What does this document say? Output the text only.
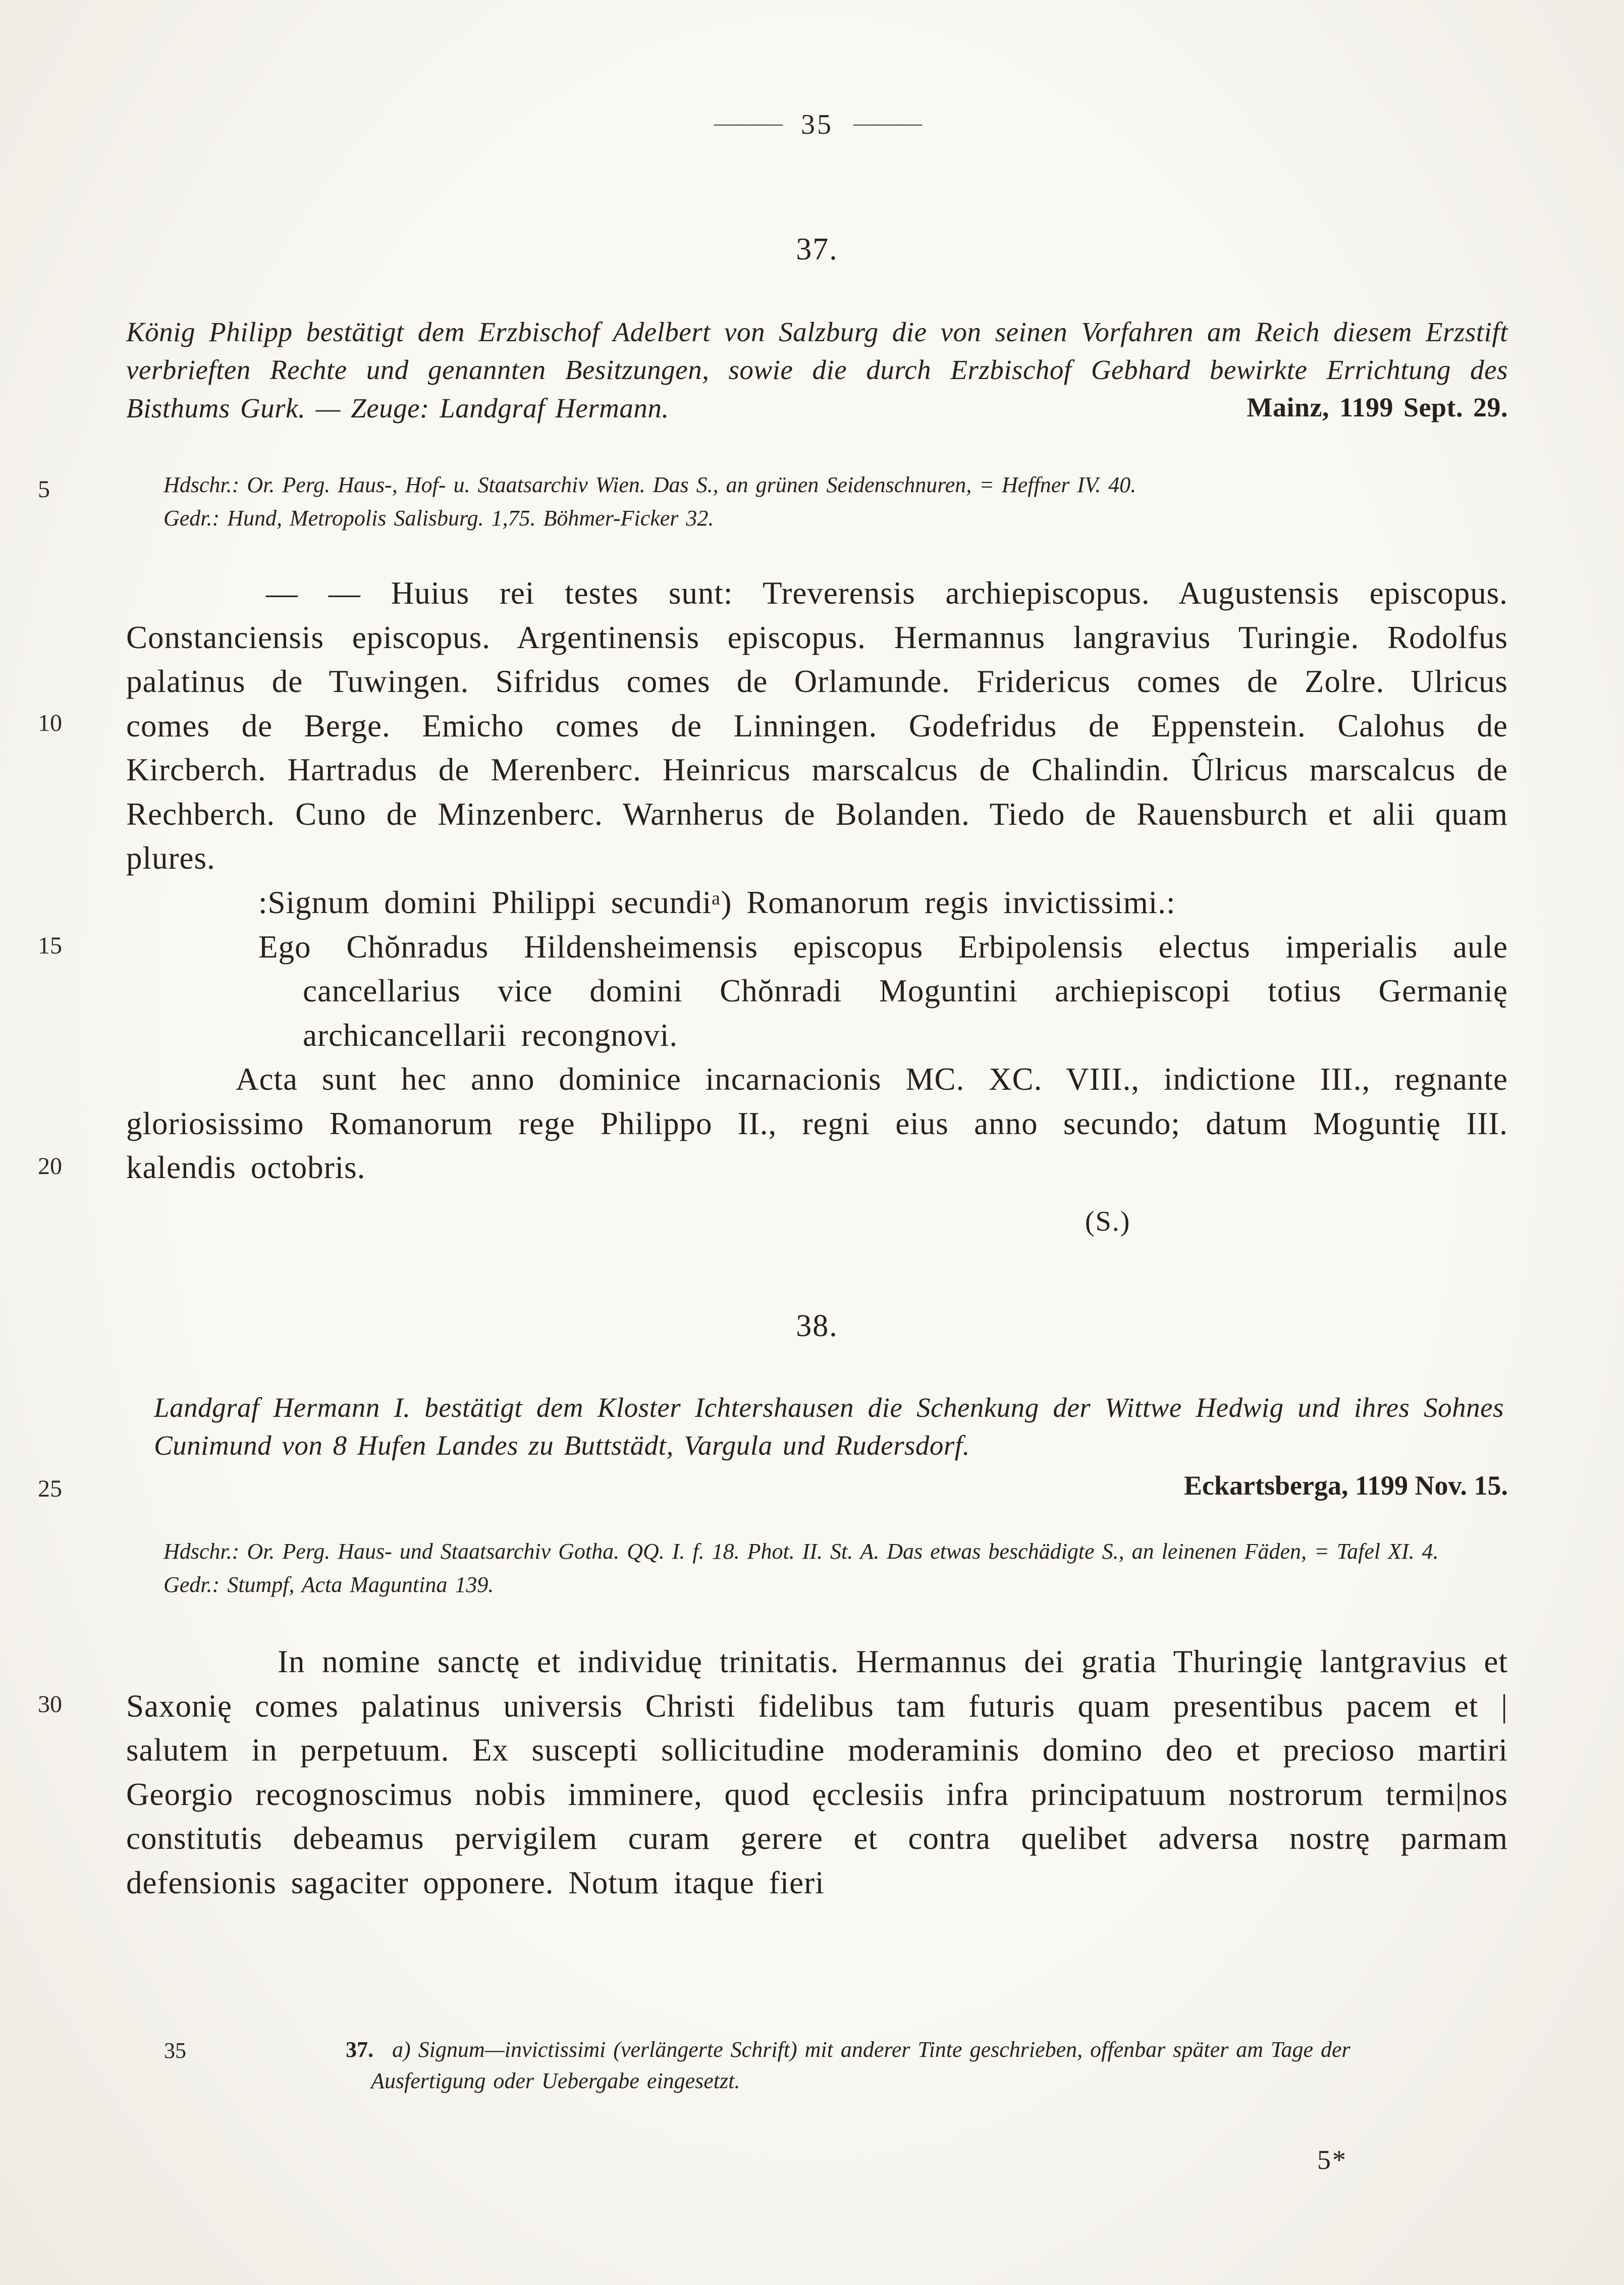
——— 35 ———
37.

König Philipp bestätigt dem Erzbischof Adelbert von Salzburg die von seinen Vorfahren am Reich diesem Erzstift verbrieften Rechte und genannten Besitzungen, sowie die durch Erzbischof Gebhard bewirkte Errichtung des Bisthums Gurk. — Zeuge: Landgraf Hermann.	Mainz, 1199 Sept. 29.

5	Hdschr.: Or. Perg. Haus-, Hof- u. Staatsarchiv Wien. Das S., an grünen Seidenschnuren, = Heffner IV. 40.

Gedr.: Hund, Metropolis Salisburg. 1,75. Böhmer-Ficker 32.

10
— — Huius rei testes sunt: Treverensis archiepiscopus. Augustensis episcopus. Constanciensis episcopus. Argentinensis episcopus. Hermannus langravius Turingie. Rodolfus palatinus de Tuwingen. Sifridus comes de Orlamunde. Fridericus comes de Zolre. Ulricus comes de Berge. Emicho comes de Linningen. Godefridus de Eppenstein. Calohus de Kircberch. Hartradus de Merenberc. Heinricus marscalcus de Chalindin. Ûlricus marscalcus de Rechberch. Cuno de Minzenberc. Warnherus de Bolanden. Tiedo de Rauensburch et alii quam plures.

:Signum domini Philippi secundiᵃ) Romanorum regis invictissimi.:

15	Ego Chŏnradus Hildensheimensis episcopus Erbipolensis electus imperialis aule cancellarius vice domini Chŏnradi Moguntini archiepiscopi totius Germanię archicancellarii recongnovi.

20
Acta sunt hec anno dominice incarnacionis MC. XC. VIII., indictione III., regnante gloriosissimo Romanorum rege Philippo II., regni eius anno secundo; datum Moguntię III. kalendis octobris.

(S.)
38.

Landgraf Hermann I. bestätigt dem Kloster Ichtershausen die Schenkung der Wittwe Hedwig und ihres Sohnes Cunimund von 8 Hufen Landes zu Buttstädt, Vargula und Rudersdorf.

25	Eckartsberga, 1199 Nov. 15.

Hdschr.: Or. Perg. Haus- und Staatsarchiv Gotha. QQ. I. f. 18. Phot. II. St. A. Das etwas beschädigte S., an leinenen Fäden, = Tafel XI. 4.

Gedr.: Stumpf, Acta Maguntina 139.

30
In nomine sanctę et individuę trinitatis. Hermannus dei gratia Thuringię lantgravius et Saxonię comes palatinus universis Christi fidelibus tam futuris quam presentibus pacem et | salutem in perpetuum. Ex suscepti sollicitudine moderaminis domino deo et precioso martiri Georgio recognoscimus nobis imminere, quod ęcclesiis infra principatuum nostrorum termi|nos constitutis debeamus pervigilem curam gerere et contra quelibet adversa nostrę parmam defensionis sagaciter opponere. Notum itaque fieri

35	37. a) Signum—invictissimi (verlängerte Schrift) mit anderer Tinte geschrieben, offenbar später am Tage der Ausfertigung oder Uebergabe eingesetzt.

5*
